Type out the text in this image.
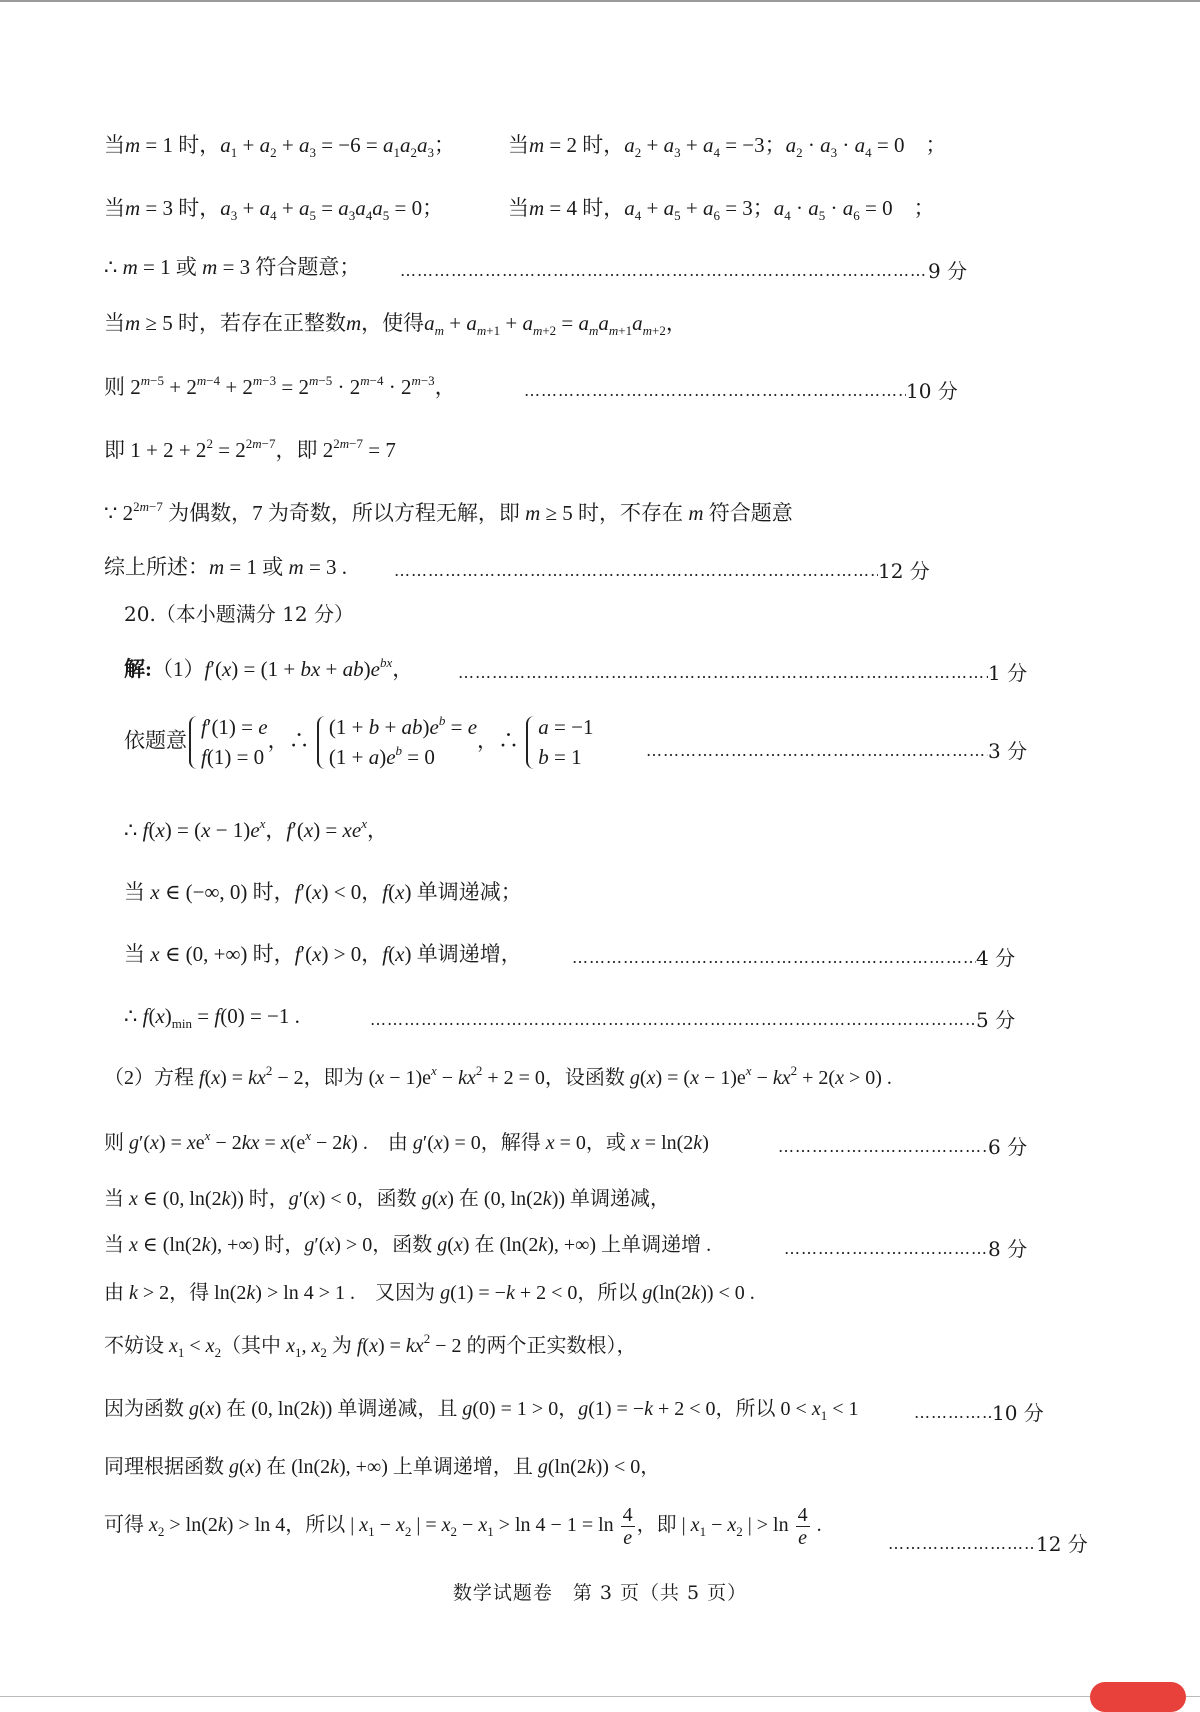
当m = 1 时，$a_1 + a_2 + a_3 = -6 = a_1a_2a_3$；	当m = 2 时，$a_2 + a_3 + a_4 = -3$；$a_2 \cdot a_3 \cdot a_4 = 0$　；
当m = 3 时，$a_3 + a_4 + a_5 = a_3a_4a_5 = 0$；	当m = 4 时，$a_4 + a_5 + a_6 = 3$；$a_4 \cdot a_5 \cdot a_6 = 0$　；
∴ m = 1 或 m = 3 符合题意； …………………………………………………………………………………………………………………………………………………………………………………………………………	9 分
当m ≥ 5 时，若存在正整数m，使得$a_m + a_{m+1} + a_{m+2} = a_ma_{m+1}a_{m+2}$，
则 $2^{m-5} + 2^{m-4} + 2^{m-3} = 2^{m-5} \cdot 2^{m-4} \cdot 2^{m-3}$， …………………………………………………………………………………………………………………………………………………………………………………………………………	10 分
即 $1 + 2 + 2^2 = 2^{2m-7}$，即 $2^{2m-7} = 7$
∵ $2^{2m-7}$ 为偶数，7 为奇数，所以方程无解，即 m ≥ 5 时，不存在 m 符合题意
综上所述：m = 1 或 m = 3 . …………………………………………………………………………………………………………………………………………………………………………………………………………	12 分
20.（本小题满分 12 分）
解:（1）f′(x) = (1 + bx + $ab)e^{bx}$， …………………………………………………………………………………………………………………………………………………………………………………………………………	1 分
依题意f′(1) = e
f(1) = 0，∴ $(1 + b + ab)e^b = e$
$(1 + a)e^b = 0$，∴ a = −1
b = 1 …………………………………………………………………………………………………………………………………………………………………………………………………………	3 分
∴ $f(x) = (x - 1)e^x$，$f'(x) = xe^x$，
当 x ∈ (−∞, 0) 时，f′(x) < 0，f(x) 单调递减；
当 x ∈ (0, +∞) 时，f′(x) > 0，f(x) 单调递增， …………………………………………………………………………………………………………………………………………………………………………………………………………	4 分
∴ $f(x)_{min} = f(0) = -1$ . …………………………………………………………………………………………………………………………………………………………………………………………………………	5 分
（2）方程 $f(x) = kx^2 - 2$，即为 $(x - 1)e^x - kx^2 + 2 = 0$，设函数 $g(x) = (x - 1)e^x - kx^2 + 2(x > 0)$ .
则 $g'(x) = xe^x - 2kx = x(e^x - 2k)$ .　由 g′(x) = 0，解得 x = 0，或 x = ln(2k) …………………………………………………………………………………………………………………………………………………………………………………………………………	6 分
当 x ∈ (0, ln(2k)) 时，g′(x) < 0，函数 g(x) 在 (0, ln(2k)) 单调递减，
当 x ∈ (ln(2k), +∞) 时，g′(x) > 0，函数 g(x) 在 (ln(2k), +∞) 上单调递增 . …………………………………………………………………………………………………………………………………………………………………………………………………………	8 分
由 k > 2，得 ln(2k) > ln 4 > 1 .　又因为 g(1) = −k + 2 < 0，所以 g(ln(2k)) < 0 .
不妨设 $x_1 < x_2$（其中 $x_1$, $x_2$ 为 $f(x) = kx^2 - 2$ 的两个正实数根），
因为函数 g(x) 在 (0, ln(2k)) 单调递减，且 g(0) = 1 > 0，g(1) = −k + 2 < 0，所以 $0 < x_1 < 1$ …………………………………………………………………………………………………………………………………………………………………………………………………………	10 分
同理根据函数 g(x) 在 (ln(2k), +∞) 上单调递增，且 g(ln(2k)) < 0，
可得 $x_2 > \ln(2k) > \ln 4$，所以 | $x_1 - x_2$ | = $x_2 - x_1 > \ln 4 - 1 = \ln \frac{4}{e}$ ，即 | $x_1 - x_2$ | > $\ln \frac{4}{e}$ .
…………………………………………………………………………………………………………………………………………………………………………………………………………
12 分
数学试题卷　第 3 页（共 5 页）
